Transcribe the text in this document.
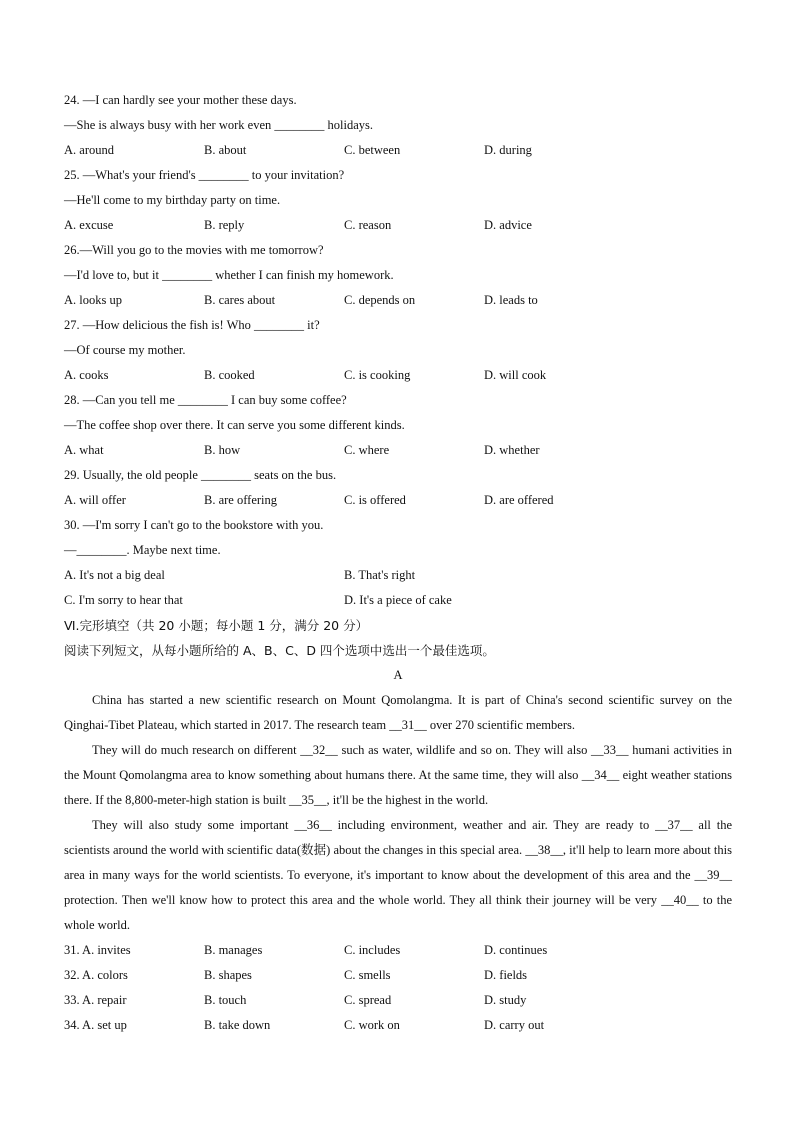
24. —I can hardly see your mother these days.
—She is always busy with her work even ________ holidays.
A. around	B. about	C. between	D. during
25. —What's your friend's ________ to your invitation?
—He'll come to my birthday party on time.
A. excuse	B. reply	C. reason	D. advice
26.—Will you go to the movies with me tomorrow?
—I'd love to, but it ________ whether I can finish my homework.
A. looks up	B. cares about	C. depends on	D. leads to
27. —How delicious the fish is! Who ________ it?
—Of course my mother.
A. cooks	B. cooked	C. is cooking	D. will cook
28. —Can you tell me ________ I can buy some coffee?
—The coffee shop over there. It can serve you some different kinds.
A. what	B. how	C. where	D. whether
29. Usually, the old people ________ seats on the bus.
A. will offer	B. are offering	C. is offered	D. are offered
30. —I'm sorry I can't go to the bookstore with you.
—________. Maybe next time.
A. It's not a big deal	B. That's right
C. I'm sorry to hear that	D. It's a piece of cake
Ⅵ.完形填空（共 20 小题；每小题 1 分，满分 20 分）
阅读下列短文，从每小题所给的 A、B、C、D 四个选项中选出一个最佳选项。
A
China has started a new scientific research on Mount Qomolangma. It is part of China's second scientific survey on the Qinghai-Tibet Plateau, which started in 2017. The research team __31__ over 270 scientific members.
They will do much research on different __32__ such as water, wildlife and so on. They will also __33__ humani activities in the Mount Qomolangma area to know something about humans there. At the same time, they will also __34__ eight weather stations there. If the 8,800-meter-high station is built __35__, it'll be the highest in the world.
They will also study some important __36__ including environment, weather and air. They are ready to __37__ all the scientists around the world with scientific data(数据) about the changes in this special area. __38__, it'll help to learn more about this area in many ways for the world scientists. To everyone, it's important to know about the development of this area and the __39__ protection. Then we'll know how to protect this area and the whole world. They all think their journey will be very __40__ to the whole world.
31. A. invites	B. manages	C. includes	D. continues
32. A. colors	B. shapes	C. smells	D. fields
33. A. repair	B. touch	C. spread	D. study
34. A. set up	B. take down	C. work on	D. carry out
